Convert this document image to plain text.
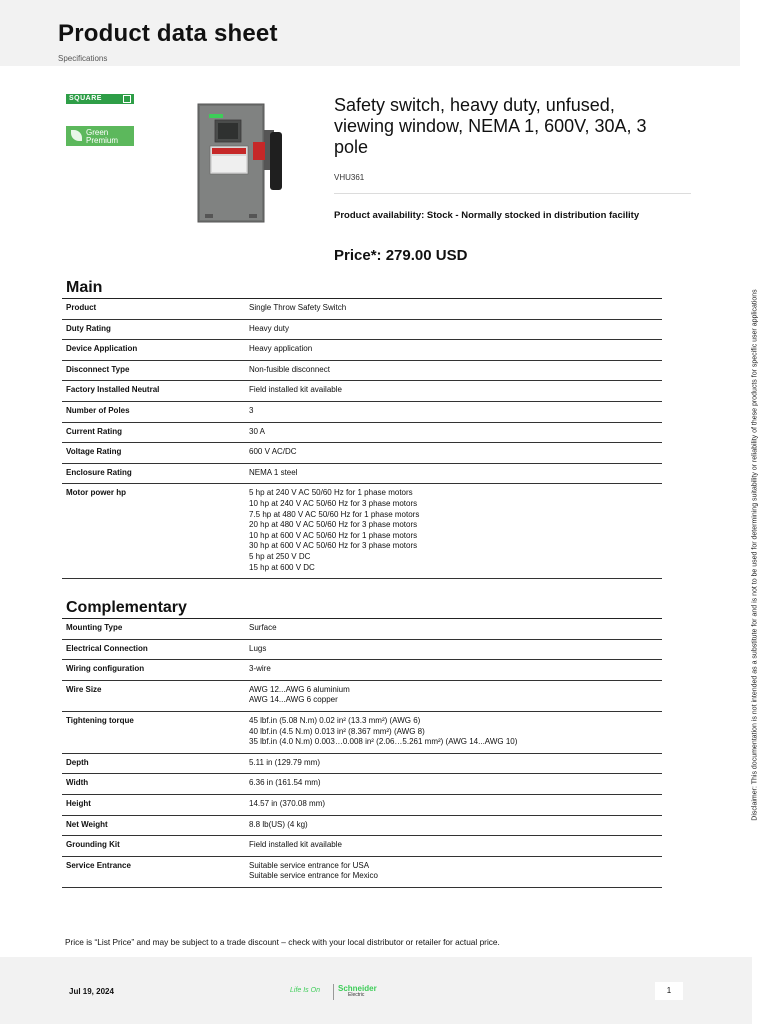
Product data sheet
Specifications
SQUARE
Green
Premium
Safety switch, heavy duty, unfused, viewing window, NEMA 1, 600V, 30A, 3 pole
VHU361
Product availability: Stock - Normally stocked in distribution facility
Price*: 279.00 USD
Main
Product	Single Throw Safety Switch
Duty Rating	Heavy duty
Device Application	Heavy application
Disconnect Type	Non-fusible disconnect
Factory Installed Neutral	Field installed kit available
Number of Poles	3
Current Rating	30 A
Voltage Rating	600 V AC/DC
Enclosure Rating	NEMA 1 steel
Motor power hp	5 hp at 240 V AC 50/60 Hz for 1 phase motors
10 hp at 240 V AC 50/60 Hz for 3 phase motors
7.5 hp at 480 V AC 50/60 Hz for 1 phase motors
20 hp at 480 V AC 50/60 Hz for 3 phase motors
10 hp at 600 V AC 50/60 Hz for 1 phase motors
30 hp at 600 V AC 50/60 Hz for 3 phase motors
5 hp at 250 V DC
15 hp at 600 V DC
Complementary
Mounting Type	Surface
Electrical Connection	Lugs
Wiring configuration	3-wire
Wire Size	AWG 12...AWG 6 aluminium
AWG 14...AWG 6 copper
Tightening torque	45 lbf.in (5.08 N.m) 0.02 in² (13.3 mm²) (AWG 6)
40 lbf.in (4.5 N.m) 0.013 in² (8.367 mm²) (AWG 8)
35 lbf.in (4.0 N.m) 0.003…0.008 in² (2.06…5.261 mm²) (AWG 14...AWG 10)
Depth	5.11 in (129.79 mm)
Width	6.36 in (161.54 mm)
Height	14.57 in (370.08 mm)
Net Weight	8.8 lb(US) (4 kg)
Grounding Kit	Field installed kit available
Service Entrance	Suitable service entrance for USA
Suitable service entrance for Mexico
Disclaimer: This documentation is not intended as a substitute for and is not to be used for determining suitability or reliability of these products for specific user applications
Price is “List Price” and may be subject to a trade discount – check with your local distributor or retailer for actual price.
Jul 19, 2024	Life Is On Schneider
Electric	1
